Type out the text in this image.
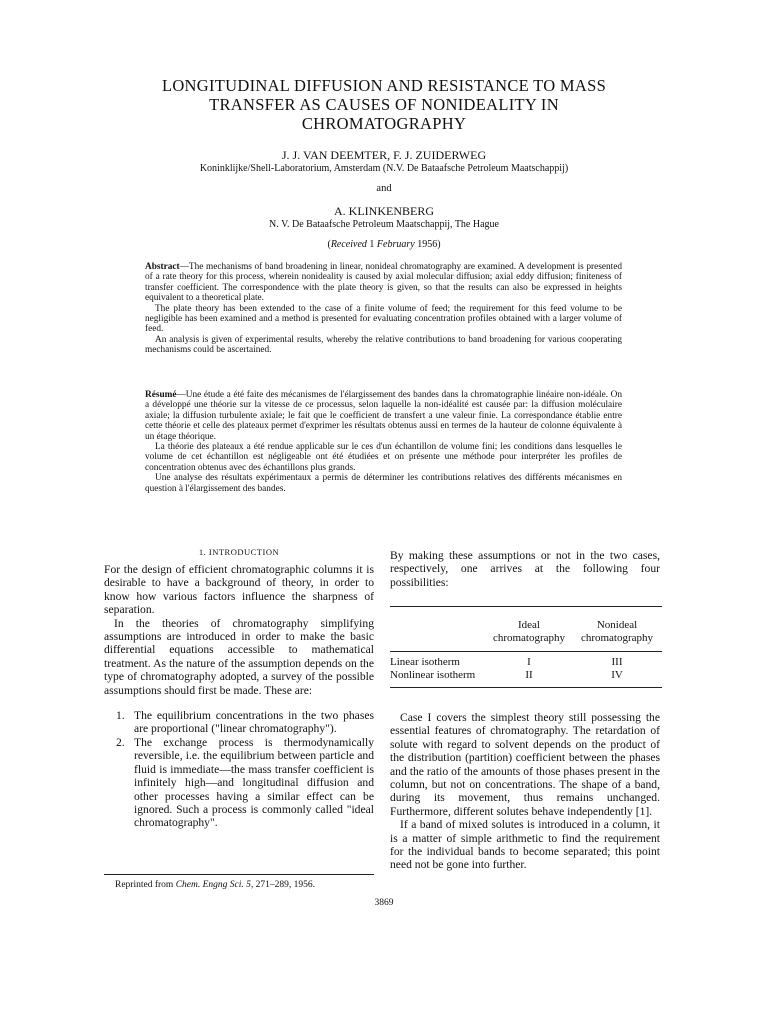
LONGITUDINAL DIFFUSION AND RESISTANCE TO MASS
TRANSFER AS CAUSES OF NONIDEALITY IN
CHROMATOGRAPHY
J. J. VAN DEEMTER, F. J. ZUIDERWEG
Koninklijke/Shell-Laboratorium, Amsterdam (N.V. De Bataafsche Petroleum Maatschappij)
and
A. KLINKENBERG
N. V. De Bataafsche Petroleum Maatschappij, The Hague
(Received 1 February 1956)

Abstract—The mechanisms of band broadening in linear, nonideal chromatography are examined. A development is presented of a rate theory for this process, wherein nonideality is caused by axial molecular diffusion; axial eddy diffusion; finiteness of transfer coefficient. The correspondence with the plate theory is given, so that the results can also be expressed in heights equivalent to a theoretical plate.

The plate theory has been extended to the case of a finite volume of feed; the requirement for this feed volume to be negligible has been examined and a method is presented for evaluating concentration profiles obtained with a larger volume of feed.

An analysis is given of experimental results, whereby the relative contributions to band broadening for various cooperating mechanisms could be ascertained.

Résumé—Une étude a été faite des mécanismes de l'élargissement des bandes dans la chromatographie linéaire non-idéale. On a développé une théorie sur la vitesse de ce processus, selon laquelle la non-idéalité est causée par: la diffusion moléculaire axiale; la diffusion turbulente axiale; le fait que le coefficient de transfert a une valeur finie. La correspondance établie entre cette théorie et celle des plateaux permet d'exprimer les résultats obtenus aussi en termes de la hauteur de colonne équivalente à un étage théorique.

La théorie des plateaux a été rendue applicable sur le ces d'un échantillon de volume fini; les conditions dans lesquelles le volume de cet échantillon est négligeable ont été étudiées et on présente une méthode pour interpréter les profiles de concentration obtenus avec des échantillons plus grands.

Une analyse des résultats expérimentaux a permis de déterminer les contributions relatives des différents mécanismes en question à l'élargissement des bandes.

1. INTRODUCTION

For the design of efficient chromatographic columns it is desirable to have a background of theory, in order to know how various factors influence the sharpness of separation.

In the theories of chromatography simplifying assumptions are introduced in order to make the basic differential equations accessible to mathematical treatment. As the nature of the assumption depends on the type of chromatography adopted, a survey of the possible assumptions should first be made. These are:

1. The equilibrium concentrations in the two phases are proportional ("linear chromatography").
2. The exchange process is thermodynamically reversible, i.e. the equilibrium between particle and fluid is immediate—the mass transfer coefficient is infinitely high—and longitudinal diffusion and other processes having a similar effect can be ignored. Such a process is commonly called "ideal chromatography".
Reprinted from Chem. Engng Sci. 5, 271–289, 1956.

By making these assumptions or not in the two cases, respectively, one arrives at the following four possibilities:

	Ideal	Nonideal
	chromatography	chromatography
Linear isotherm	I	III
Nonlinear isotherm	II	IV

Case I covers the simplest theory still possessing the essential features of chromatography. The retardation of solute with regard to solvent depends on the product of the distribution (partition) coefficient between the phases and the ratio of the amounts of those phases present in the column, but not on concentrations. The shape of a band, during its movement, thus remains unchanged. Furthermore, different solutes behave independently [1].

If a band of mixed solutes is introduced in a column, it is a matter of simple arithmetic to find the requirement for the individual bands to become separated; this point need not be gone into further.

3869
